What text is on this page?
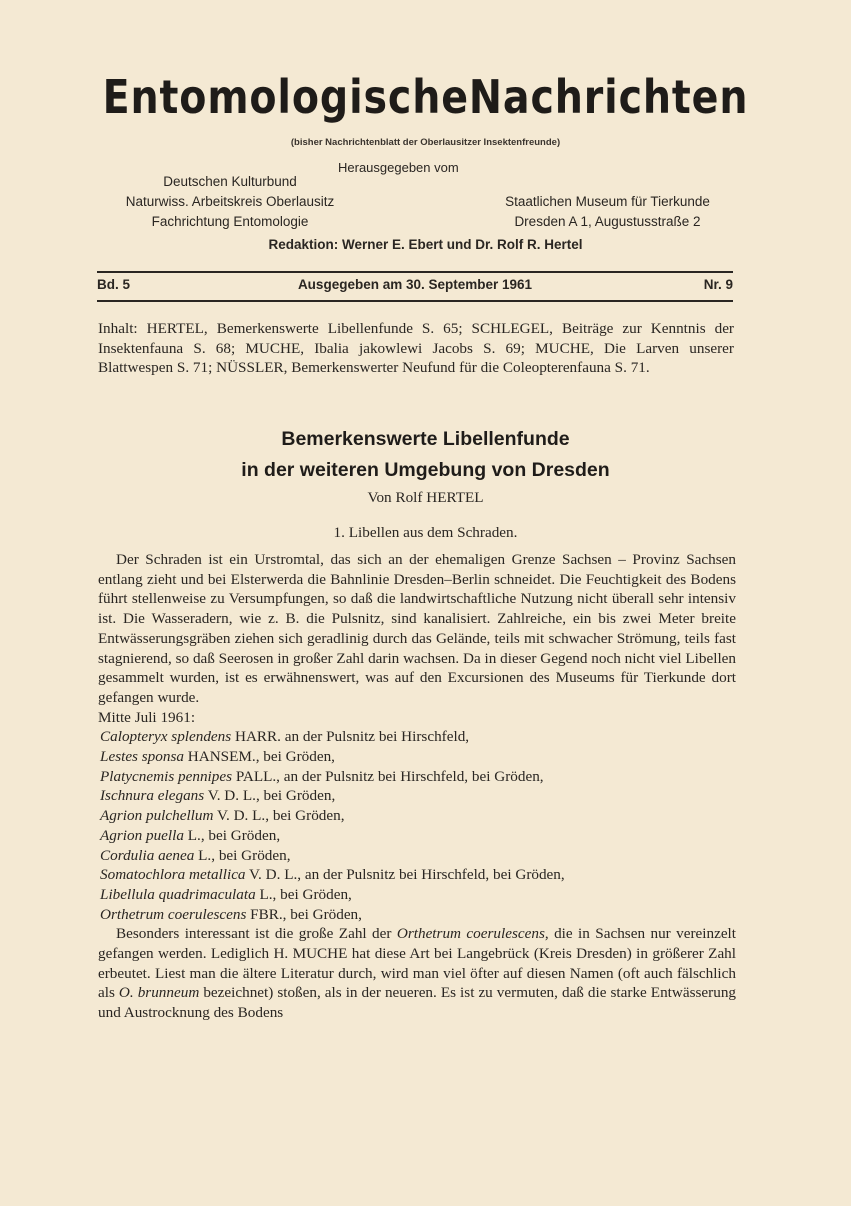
EntomologischeNachrichten
(bisher Nachrichtenblatt der Oberlausitzer Insektenfreunde)
Herausgegeben vom
Deutschen Kulturbund
Naturwiss. Arbeitskreis Oberlausitz
Fachrichtung Entomologie
Staatlichen Museum für Tierkunde
Dresden A 1, Augustusstraße 2
Redaktion: Werner E. Ebert und Dr. Rolf R. Hertel
Bd. 5	Ausgegeben am 30. September 1961	Nr. 9
Inhalt: HERTEL, Bemerkenswerte Libellenfunde S. 65; SCHLEGEL, Beiträge zur Kenntnis der Insektenfauna S. 68; MUCHE, Ibalia jakowlewi Jacobs S. 69; MUCHE, Die Larven unserer Blattwespen S. 71; NÜSSLER, Bemerkenswerter Neufund für die Coleopterenfauna S. 71.
Bemerkenswerte Libellenfunde
in der weiteren Umgebung von Dresden
Von Rolf HERTEL
1. Libellen aus dem Schraden.

Der Schraden ist ein Urstromtal, das sich an der ehemaligen Grenze Sachsen – Provinz Sachsen entlang zieht und bei Elsterwerda die Bahnlinie Dresden–Berlin schneidet. Die Feuchtigkeit des Bodens führt stellenweise zu Versumpfungen, so daß die landwirtschaftliche Nutzung nicht überall sehr intensiv ist. Die Wasseradern, wie z. B. die Pulsnitz, sind kanalisiert. Zahlreiche, ein bis zwei Meter breite Entwässerungsgräben ziehen sich geradlinig durch das Gelände, teils mit schwacher Strömung, teils fast stagnierend, so daß Seerosen in großer Zahl darin wachsen. Da in dieser Gegend noch nicht viel Libellen gesammelt wurden, ist es erwähnenswert, was auf den Excursionen des Museums für Tierkunde dort gefangen wurde.

Mitte Juli 1961:

Calopteryx splendens HARR. an der Pulsnitz bei Hirschfeld,
Lestes sponsa HANSEM., bei Gröden,
Platycnemis pennipes PALL., an der Pulsnitz bei Hirschfeld, bei Gröden,
Ischnura elegans V. D. L., bei Gröden,
Agrion pulchellum V. D. L., bei Gröden,
Agrion puella L., bei Gröden,
Cordulia aenea L., bei Gröden,
Somatochlora metallica V. D. L., an der Pulsnitz bei Hirschfeld, bei Gröden,
Libellula quadrimaculata L., bei Gröden,
Orthetrum coerulescens FBR., bei Gröden,

Besonders interessant ist die große Zahl der Orthetrum coerulescens, die in Sachsen nur vereinzelt gefangen werden. Lediglich H. MUCHE hat diese Art bei Langebrück (Kreis Dresden) in größerer Zahl erbeutet. Liest man die ältere Literatur durch, wird man viel öfter auf diesen Namen (oft auch fälschlich als O. brunneum bezeichnet) stoßen, als in der neueren. Es ist zu vermuten, daß die starke Entwässerung und Austrocknung des Bodens
